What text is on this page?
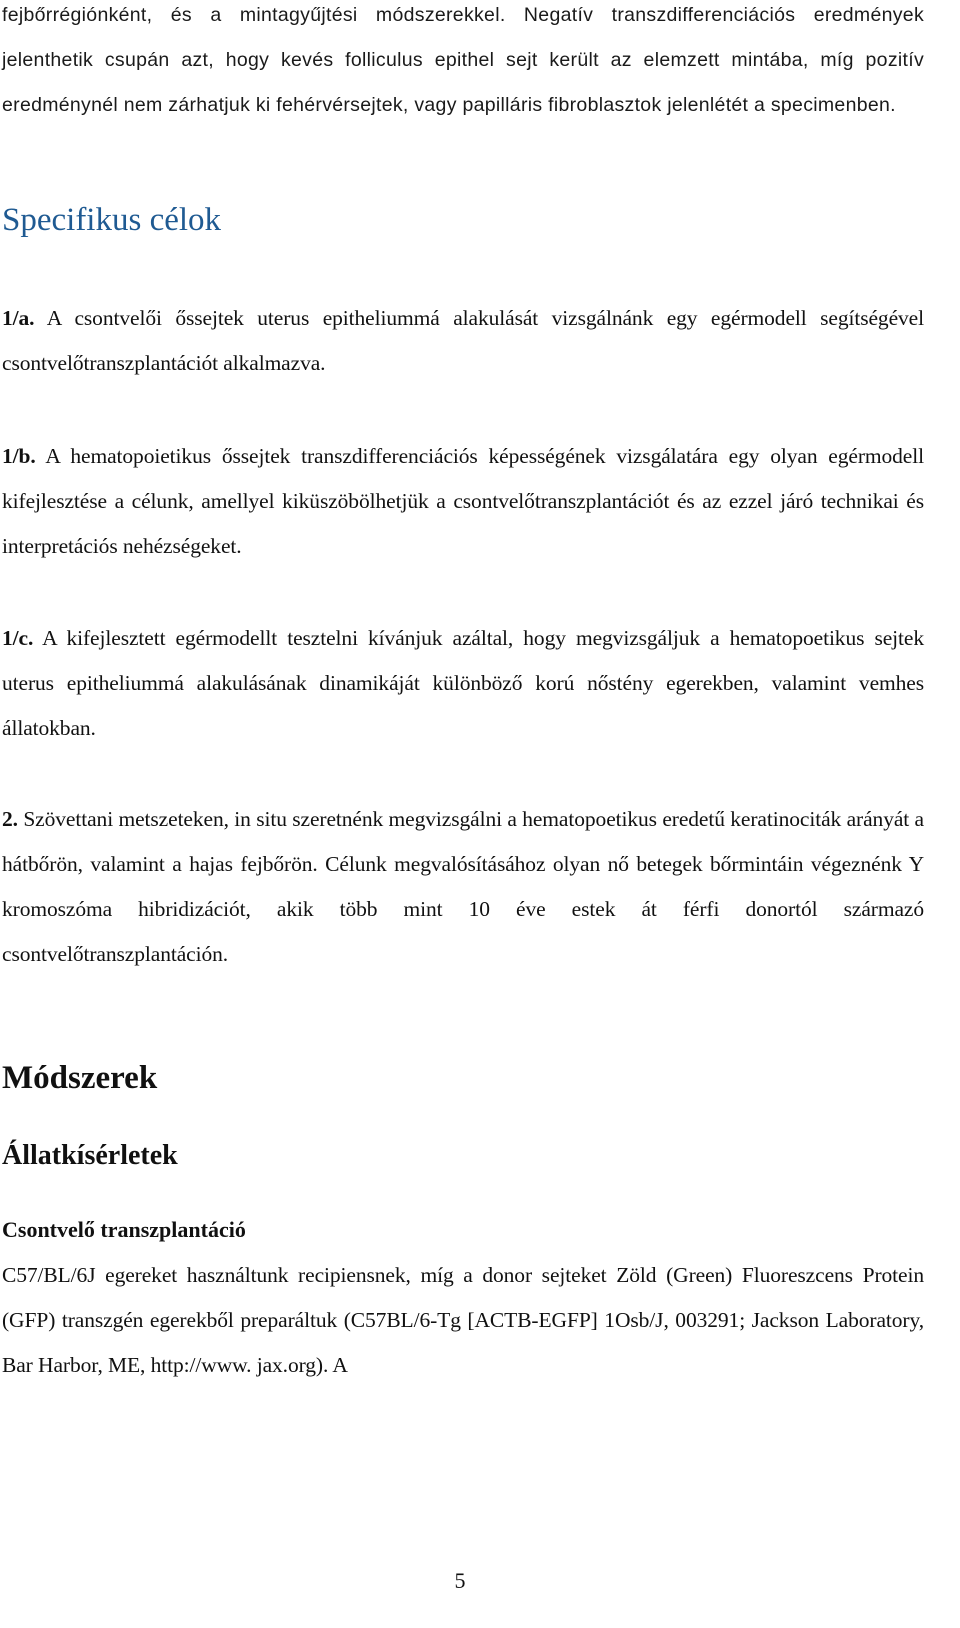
fejbőrrégiónként, és a mintagyűjtési módszerekkel. Negatív transzdifferenciációs eredmények jelenthetik csupán azt, hogy kevés folliculus epithel sejt került az elemzett mintába, míg pozitív eredménynél nem zárhatjuk ki fehérvérsejtek, vagy papilláris fibroblasztok jelenlétét a specimenben.

Specifikus célok

1/a. A csontvelői őssejtek uterus epitheliummá alakulását vizsgálnánk egy egérmodell segítségével csontvelőtranszplantációt alkalmazva.

1/b. A hematopoietikus őssejtek transzdifferenciációs képességének vizsgálatára egy olyan egérmodell kifejlesztése a célunk, amellyel kiküszöbölhetjük a csontvelőtranszplantációt és az ezzel járó technikai és interpretációs nehézségeket.

1/c. A kifejlesztett egérmodellt tesztelni kívánjuk azáltal, hogy megvizsgáljuk a hematopoetikus sejtek uterus epitheliummá alakulásának dinamikáját különböző korú nőstény egerekben, valamint vemhes állatokban.

2. Szövettani metszeteken, in situ szeretnénk megvizsgálni a hematopoetikus eredetű keratinociták arányát a hátbőrön, valamint a hajas fejbőrön. Célunk megvalósításához olyan nő betegek bőrmintáin végeznénk Y kromoszóma hibridizációt, akik több mint 10 éve estek át férfi donortól származó csontvelőtranszplantáción.

Módszerek
Állatkísérletek
Csontvelő transzplantáció

C57/BL/6J egereket használtunk recipiensnek, míg a donor sejteket Zöld (Green) Fluoreszcens Protein (GFP) transzgén egerekből preparáltuk (C57BL/6-Tg [ACTB-EGFP] 1Osb/J, 003291; Jackson Laboratory, Bar Harbor, ME, http://www. jax.org). A

5
